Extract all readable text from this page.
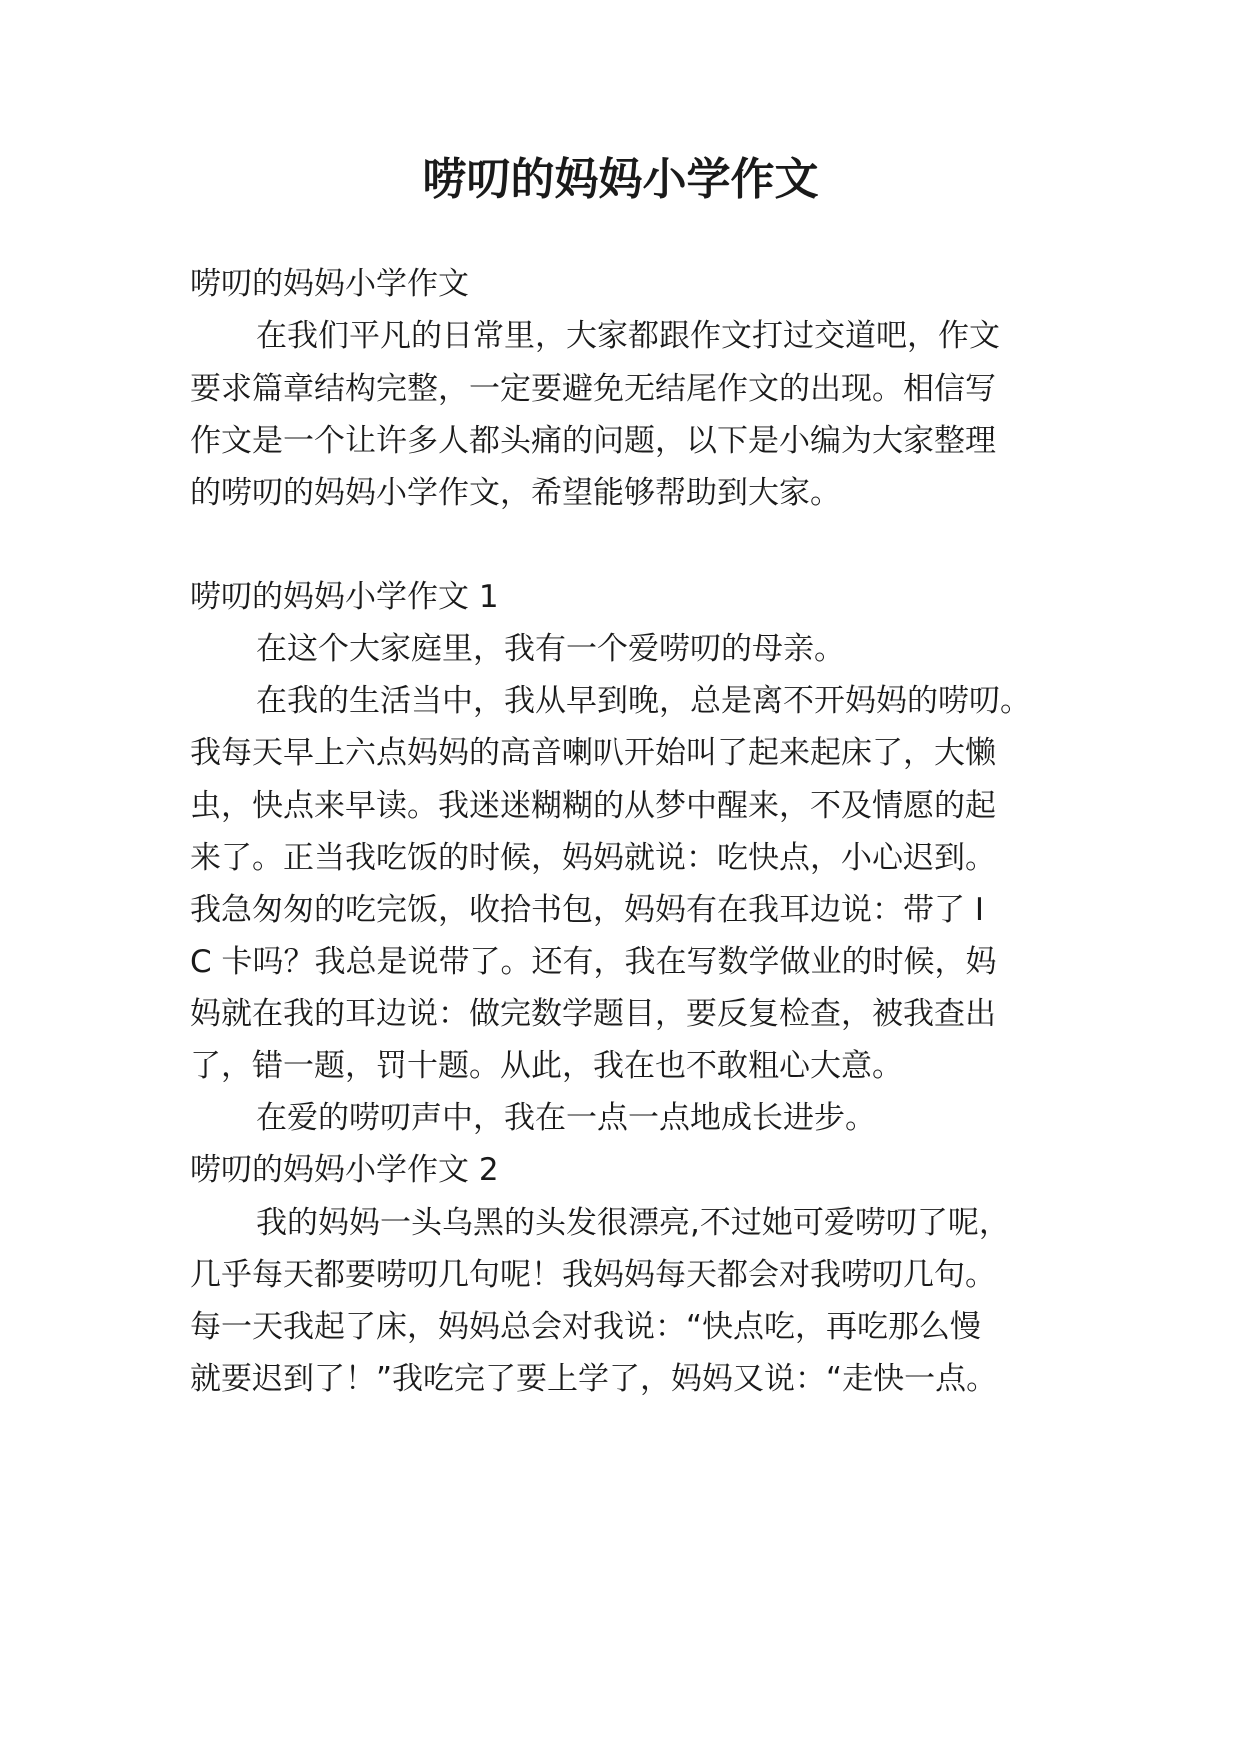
唠叨的妈妈小学作文

唠叨的妈妈小学作文

在我们平凡的日常里，大家都跟作文打过交道吧，作文

要求篇章结构完整，一定要避免无结尾作文的出现。相信写

作文是一个让许多人都头痛的问题，以下是小编为大家整理

的唠叨的妈妈小学作文，希望能够帮助到大家。

唠叨的妈妈小学作文 1

在这个大家庭里，我有一个爱唠叨的母亲。

在我的生活当中，我从早到晚，总是离不开妈妈的唠叨。

我每天早上六点妈妈的高音喇叭开始叫了起来起床了，大懒

虫，快点来早读。我迷迷糊糊的从梦中醒来，不及情愿的起

来了。正当我吃饭的时候，妈妈就说：吃快点，小心迟到。

我急匆匆的吃完饭，收拾书包，妈妈有在我耳边说：带了 I

C 卡吗？我总是说带了。还有，我在写数学做业的时候，妈

妈就在我的耳边说：做完数学题目，要反复检查，被我查出

了，错一题，罚十题。从此，我在也不敢粗心大意。

在爱的唠叨声中，我在一点一点地成长进步。

唠叨的妈妈小学作文 2

我的妈妈一头乌黑的头发很漂亮,不过她可爱唠叨了呢，

几乎每天都要唠叨几句呢！我妈妈每天都会对我唠叨几句。

每一天我起了床，妈妈总会对我说：“快点吃，再吃那么慢

就要迟到了！”我吃完了要上学了，妈妈又说：“走快一点。
